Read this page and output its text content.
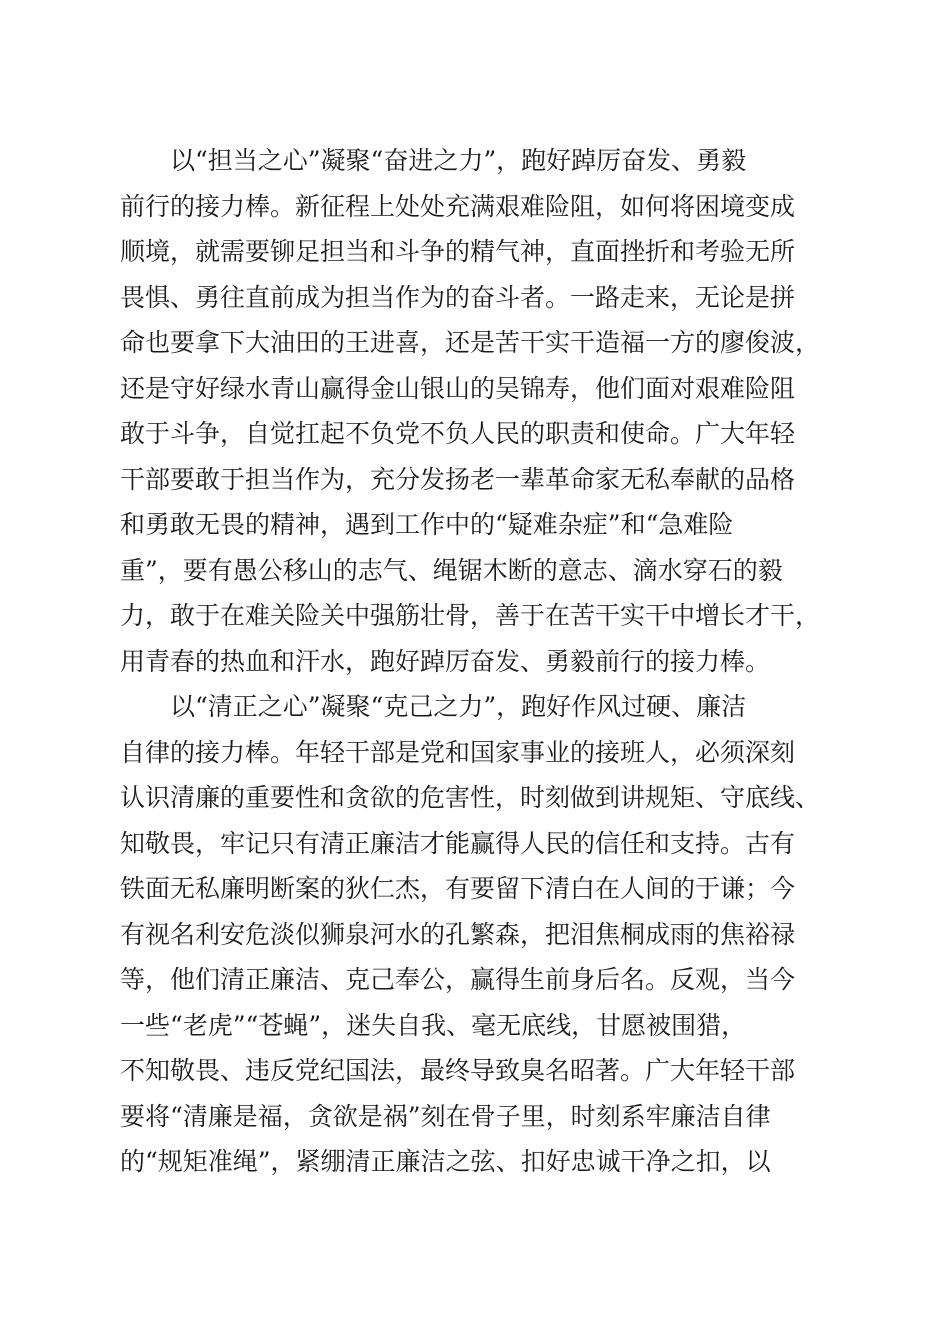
　　以“担当之心”凝聚“奋进之力”，跑好踔厉奋发、勇毅
前行的接力棒。新征程上处处充满艰难险阻，如何将困境变成
顺境，就需要铆足担当和斗争的精气神，直面挫折和考验无所
畏惧、勇往直前成为担当作为的奋斗者。一路走来，无论是拼
命也要拿下大油田的王进喜，还是苦干实干造福一方的廖俊波，
还是守好绿水青山赢得金山银山的吴锦寿，他们面对艰难险阻
敢于斗争，自觉扛起不负党不负人民的职责和使命。广大年轻
干部要敢于担当作为，充分发扬老一辈革命家无私奉献的品格
和勇敢无畏的精神，遇到工作中的“疑难杂症”和“急难险
重”，要有愚公移山的志气、绳锯木断的意志、滴水穿石的毅
力，敢于在难关险关中强筋壮骨，善于在苦干实干中增长才干，
用青春的热血和汗水，跑好踔厉奋发、勇毅前行的接力棒。
　　以“清正之心”凝聚“克己之力”，跑好作风过硬、廉洁
自律的接力棒。年轻干部是党和国家事业的接班人，必须深刻
认识清廉的重要性和贪欲的危害性，时刻做到讲规矩、守底线、
知敬畏，牢记只有清正廉洁才能赢得人民的信任和支持。古有
铁面无私廉明断案的狄仁杰，有要留下清白在人间的于谦；今
有视名利安危淡似狮泉河水的孔繁森，把泪焦桐成雨的焦裕禄
等，他们清正廉洁、克己奉公，赢得生前身后名。反观，当今
一些“老虎”“苍蝇”，迷失自我、毫无底线，甘愿被围猎，
不知敬畏、违反党纪国法，最终导致臭名昭著。广大年轻干部
要将“清廉是福，贪欲是祸”刻在骨子里，时刻系牢廉洁自律
的“规矩准绳”，紧绷清正廉洁之弦、扣好忠诚干净之扣，以
